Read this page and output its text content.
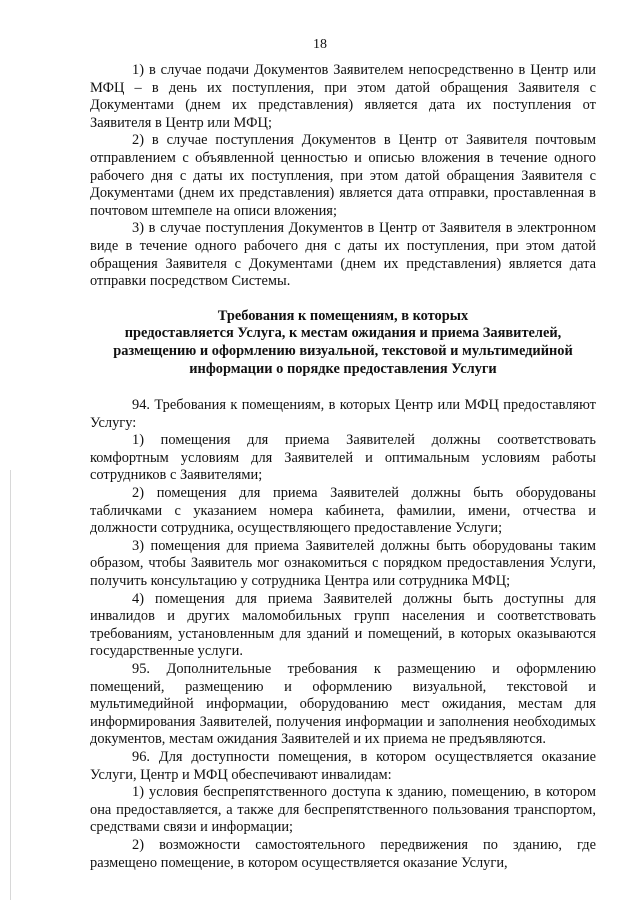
18

1) в случае подачи Документов Заявителем непосредственно в Центр или МФЦ – в день их поступления, при этом датой обращения Заявителя с Документами (днем их представления) является дата их поступления от Заявителя в Центр или МФЦ;

2) в случае поступления Документов в Центр от Заявителя почтовым отправлением с объявленной ценностью и описью вложения в течение одного рабочего дня с даты их поступления, при этом датой обращения Заявителя с Документами (днем их представления) является дата отправки, проставленная в почтовом штемпеле на описи вложения;

3) в случае поступления Документов в Центр от Заявителя в электронном виде в течение одного рабочего дня с даты их поступления, при этом датой обращения Заявителя с Документами (днем их представления) является дата отправки посредством Системы.

Требования к помещениям, в которых

предоставляется Услуга, к местам ожидания и приема Заявителей,

размещению и оформлению визуальной, текстовой и мультимедийной

информации о порядке предоставления Услуги

94. Требования к помещениям, в которых Центр или МФЦ предоставляют Услугу:

1) помещения для приема Заявителей должны соответствовать комфортным условиям для Заявителей и оптимальным условиям работы сотрудников с Заявителями;

2) помещения для приема Заявителей должны быть оборудованы табличками с указанием номера кабинета, фамилии, имени, отчества и должности сотрудника, осуществляющего предоставление Услуги;

3) помещения для приема Заявителей должны быть оборудованы таким образом, чтобы Заявитель мог ознакомиться с порядком предоставления Услуги, получить консультацию у сотрудника Центра или сотрудника МФЦ;

4) помещения для приема Заявителей должны быть доступны для инвалидов и других маломобильных групп населения и соответствовать требованиям, установленным для зданий и помещений, в которых оказываются государственные услуги.

95. Дополнительные требования к размещению и оформлению помещений, размещению и оформлению визуальной, текстовой и мультимедийной информации, оборудованию мест ожидания, местам для информирования Заявителей, получения информации и заполнения необходимых документов, местам ожидания Заявителей и их приема не предъявляются.

96. Для доступности помещения, в котором осуществляется оказание Услуги, Центр и МФЦ обеспечивают инвалидам:

1) условия беспрепятственного доступа к зданию, помещению, в котором она предоставляется, а также для беспрепятственного пользования транспортом, средствами связи и информации;

2) возможности самостоятельного передвижения по зданию, где размещено помещение, в котором осуществляется оказание Услуги,
